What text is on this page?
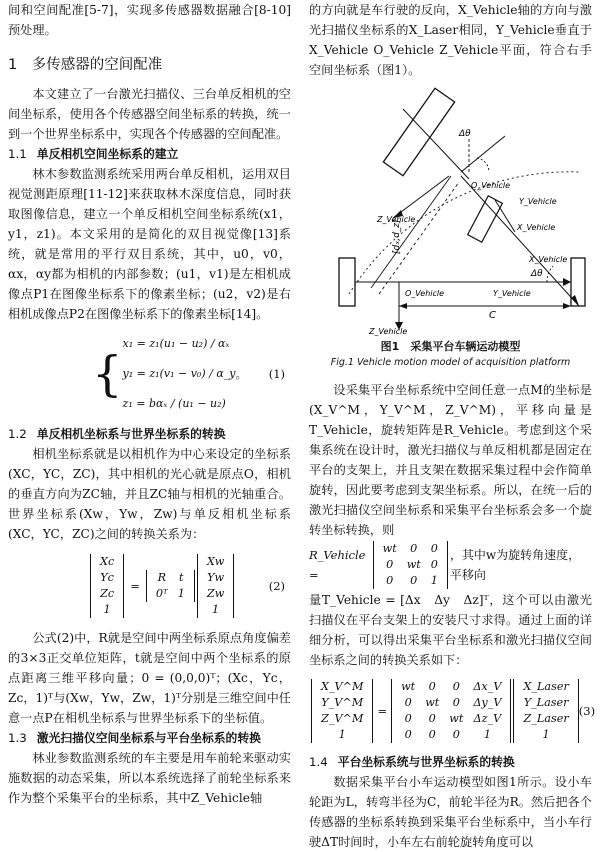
间和空间配准[5-7]，实现多传感器数据融合[8-10]预处理。

1　多传感器的空间配准

本文建立了一台激光扫描仪、三台单反相机的空间坐标系，使用各个传感器空间坐标系的转换，统一到一个世界坐标系中，实现各个传感器的空间配准。

1.1 单反相机空间坐标系的建立

林木参数监测系统采用两台单反相机，运用双目视觉测距原理[11-12]来获取林木深度信息，同时获取图像信息，建立一个单反相机空间坐标系统(x1，y1，z1)。本文采用的是简化的双目视觉像[13]系统，就是常用的平行双目系统，其中，u0，v0，αx，αy都为相机的内部参数；(u1，v1)是左相机成像点P1在图像坐标系下的像素坐标；(u2，v2)是右相机成像点P2在图像坐标系下的像素坐标[14]。

{
x₁ = z₁(u₁ − u₂) / αₓ
y₁ = z₁(v₁ − v₀) / α_y
z₁ = bαₓ / (u₁ − u₂)
。 (1)
1.2 单反相机坐标系与世界坐标系的转换

相机坐标系就是以相机作为中心来设定的坐标系(XC，YC，ZC)，其中相机的光心就是原点O，相机的垂直方向为ZC轴，并且ZC轴与相机的光轴重合。世界坐标系(Xw，Yw，Zw)与单反相机坐标系(XC，YC，ZC)之间的转换关系为：

Xc
Yc
Zc
1
=
R	t
0ᵀ	1
Xw
Yw
Zw
1
(2)

公式(2)中，R就是空间中两坐标系原点角度偏差的3×3正交单位矩阵，t就是空间中两个坐标系的原点距离三维平移向量；0 = (0,0,0)ᵀ；(Xc，Yc，Zc，1)ᵀ与(Xw，Yw，Zw，1)ᵀ分别是三维空间中任意一点P在相机坐标系与世界坐标系下的坐标值。

1.3 激光扫描仪空间坐标系与平台坐标系的转换

林业参数监测系统的车主要是用车前轮来驱动实施数据的动态采集，所以本系统选择了前轮坐标系来作为整个采集平台的坐标系，其中Z_Vehicle轴

的方向就是车行驶的反向，X_Vehicle轴的方向与激光扫描仪坐标系的X_Laser相同，Y_Vehicle垂直于X_Vehicle O_Vehicle Z_Vehicle平面，符合右手空间坐标系（图1）。

Δθ
O_Vehicle
Z_Vehicle
X_Vehicle
Y_Vehicle
[dₓ,d_z]
X_Vehicle
Δθ
O_Vehicle	Y_Vehicle
C
Z_Vehicle
图1　采集平台车辆运动模型
Fig.1 Vehicle motion model of acquisition platform

设采集平台坐标系统中空间任意一点M的坐标是(X_V^M，Y_V^M，Z_V^M)，平移向量是T_Vehicle，旋转矩阵是R_Vehicle。考虑到这个采集系统在设计时，激光扫描仪与单反相机都是固定在平台的支架上，并且支架在数据采集过程中会作简单旋转，因此要考虑到支架坐标系。所以，在统一后的激光扫描仪空间坐标系和采集平台坐标系会多一个旋转坐标转换，则

R_Vehicle =
wt	0	0
0	wt	0
0	0	1
，其中w为旋转角速度，平移向

量T_Vehicle = [Δx　Δy　Δz]ᵀ，这个可以由激光扫描仪在平台支架上的安装尺寸求得。通过上面的详细分析，可以得出采集平台坐标系和激光扫描仪空间坐标系之间的转换关系如下：

X_V^M
Y_V^M
Z_V^M
1
=
wt	0	0	Δx_V
0	wt	0	Δy_V
0	0	wt	Δz_V
0	0	0	1
X_Laser
Y_Laser
Z_Laser
1
(3)
1.4 平台坐标系统与世界坐标系的转换

数据采集平台小车运动模型如图1所示。设小车轮距为L，转弯半径为C，前轮半径为R。然后把各个传感器的坐标系转换到采集平台坐标系中，当小车行驶ΔT时间时，小车左右前轮旋转角度可以
